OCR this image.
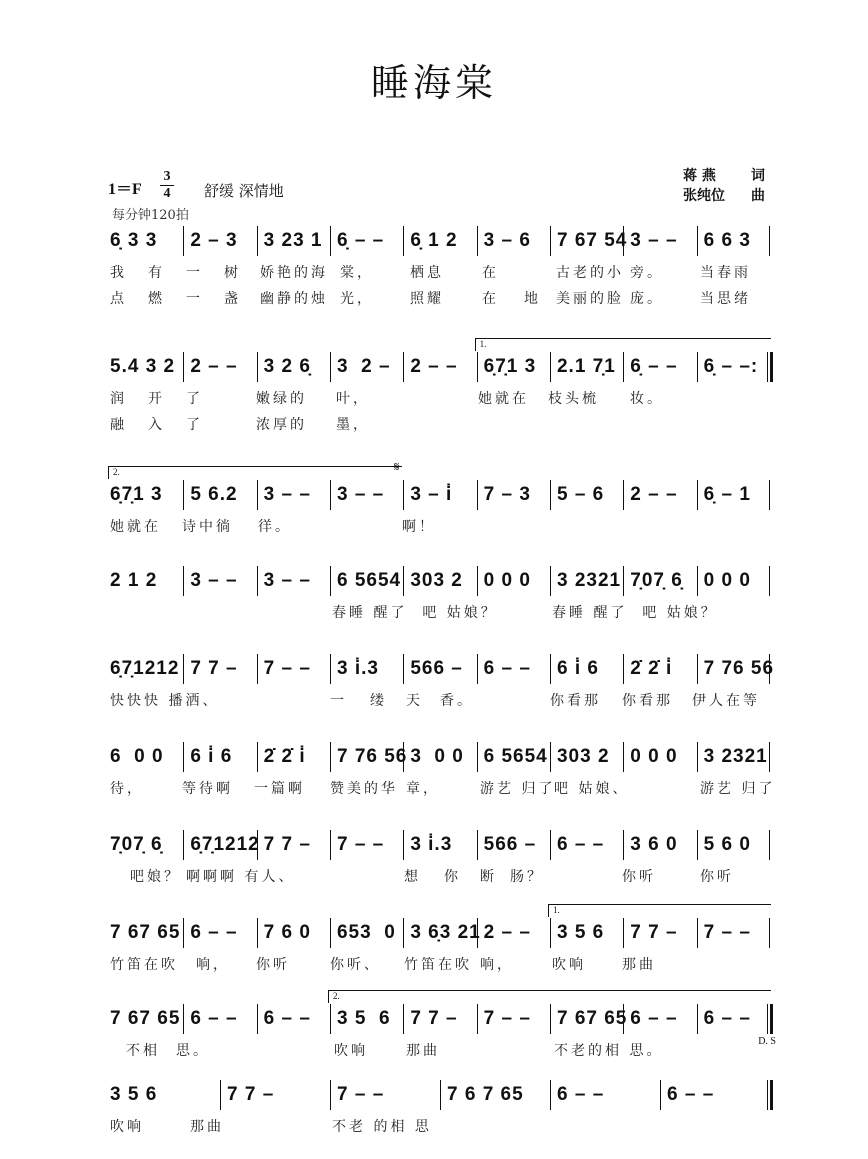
睡海棠
1＝F
3
4 舒缓 深情地
每分钟120拍
蒋 燕	词
张纯位 曲
6̣ 3 3	2 – 3	3 23 1 6̣ – –	6̣ 1 2	3 – 6	7 67 54 3 – –	6 6 3
我 有 一 树 娇艳的海 棠，	栖息	在	古老的小 旁。	当春雨
点 燃 一 盏 幽静的烛 光，	照耀	在 地 美丽的脸 庞。	当思绪
5.4 3 2 2 – –	3 2 6̣	3  2 –	2 – –	6̣7̣1 3	2.1 7̣1 6̣ – –	6̣ – –:
1.
润 开 了	嫩绿的 叶，	她就在 枝头梳 妆。
融 入 了	浓厚的 墨，
6̣7̣1 3	5 6.2	3 – –	3 – –	3 – i̇	7 – 3	5 – 6	2 – –	6̣ – 1
2.
她就在 诗中徜 徉。	啊！
2 1 2	3 – –	3 – –	6 5654 303 2	0 0 0	3 2321 7̣07̣ 6̣	0 0 0
春睡 醒了  吧 姑娘？	春睡 醒了  吧 姑娘？
6̣7̣1212 7 7 –	7 – –	3 i̇.3	566 –	6 – –	6 i̇ 6	2̇ 2̇ i̇	7 76 56
快快快 播洒、	一 缕 天 香。	你看那 你看那 伊人在等
6  0 0	6 i̇ 6	2̇ 2̇ i̇	7 76 56 3  0 0	6 5654 303 2	0 0 0	3 2321
待，	等待啊 一篇啊 赞美的华 章，	游艺 归了
吧 姑娘、	游艺 归了
7̣07̣ 6̣	6̣7̣1212 7 7 –	7 – –	3 i̇.3	566 –	6 – –	3 6 0	5 6 0
吧娘？ 啊啊啊 有人、	想 你 断 肠？	你听	你听
7 67 65 6 – –	7 6 0	653  0 3 6̣3 21 2 – –	3 5 6	7 7 –	7 – –
1.
竹笛在吹 响， 你听	你听、 竹笛在吹 响，	吹响	那曲
7 67 65 6 – –	6 – –	3 5  6	7 7 –	7 – –	7 67 65 6 – –	6 – –
2.
不相 思。	吹响	那曲	不老的相 思。
3 5 6	7 7 –	7 – –	7 6 7 65	6 – –	6 – –
吹响	那曲	不老 的相 思
D. S
𝄋
